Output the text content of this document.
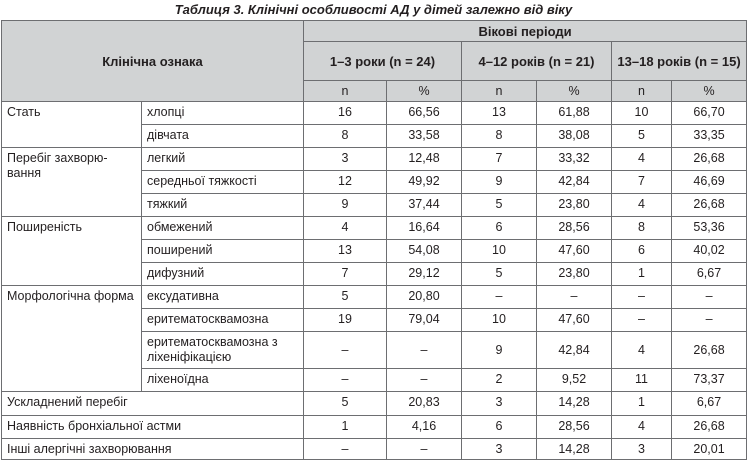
Таблиця 3. Клінічні особливості АД у дітей залежно від віку
Клінічна ознака		Вікові періоди					
		1–3 роки (n = 24)		4–12 років (n = 21)		13–18 років (n = 15)	
		n	%	n	%	n	%
Стать	хлопці	16	66,56	13	61,88	10	66,70
	дівчата	8	33,58	8	38,08	5	33,35
Перебіг захворю-вання	легкий	3	12,48	7	33,32	4	26,68
	середньої тяжкості	12	49,92	9	42,84	7	46,69
	тяжкий	9	37,44	5	23,80	4	26,68
Поширеність	обмежений	4	16,64	6	28,56	8	53,36
	поширений	13	54,08	10	47,60	6	40,02
	дифузний	7	29,12	5	23,80	1	6,67
Морфологічна форма	ексудативна	5	20,80	–	–	–	–
	еритематосквамозна	19	79,04	10	47,60	–	–
	еритематосквамозна з ліхеніфікацією	–	–	9	42,84	4	26,68
	ліхеноїдна	–	–	2	9,52	11	73,37
Ускладнений перебіг		5	20,83	3	14,28	1	6,67
Наявність бронхіальної астми		1	4,16	6	28,56	4	26,68
Інші алергічні захворювання		–	–	3	14,28	3	20,01
